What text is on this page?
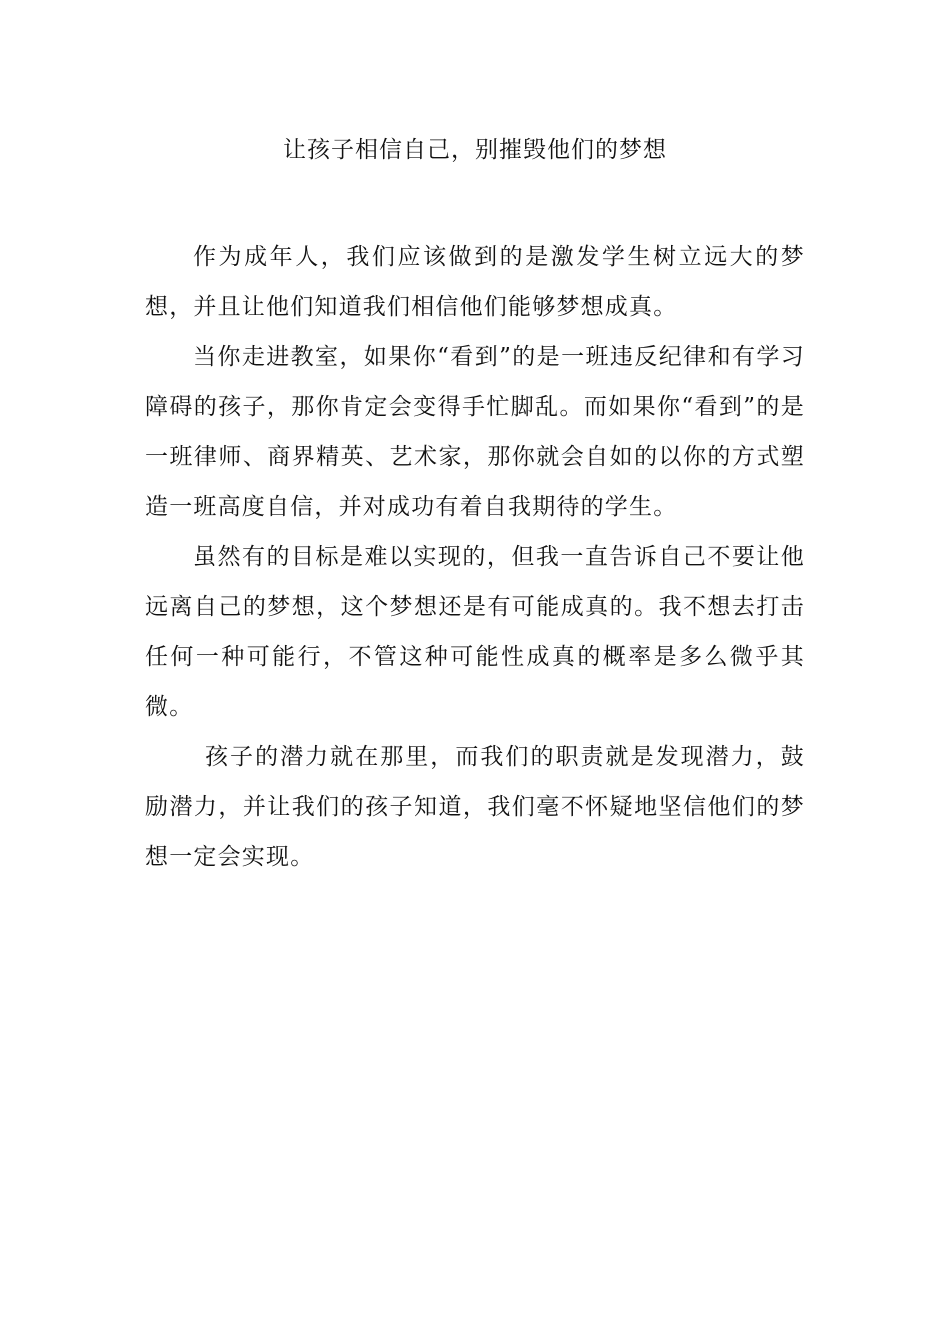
让孩子相信自己，别摧毁他们的梦想

作为成年人，我们应该做到的是激发学生树立远大的梦想，并且让他们知道我们相信他们能够梦想成真。

当你走进教室，如果你“看到”的是一班违反纪律和有学习障碍的孩子，那你肯定会变得手忙脚乱。而如果你“看到”的是一班律师、商界精英、艺术家，那你就会自如的以你的方式塑造一班高度自信，并对成功有着自我期待的学生。

虽然有的目标是难以实现的，但我一直告诉自己不要让他远离自己的梦想，这个梦想还是有可能成真的。我不想去打击任何一种可能行，不管这种可能性成真的概率是多么微乎其微。

孩子的潜力就在那里，而我们的职责就是发现潜力，鼓励潜力，并让我们的孩子知道，我们毫不怀疑地坚信他们的梦想一定会实现。
